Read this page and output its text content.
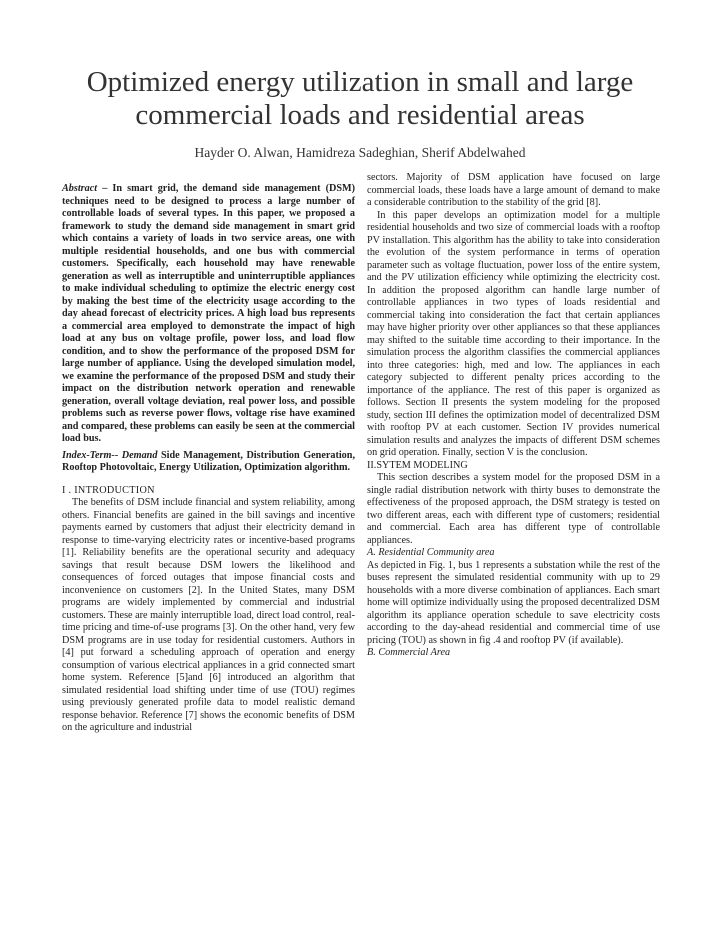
Optimized energy utilization in small and large commercial loads and residential areas

Hayder O. Alwan, Hamidreza Sadeghian, Sherif Abdelwahed

Abstract – In smart grid, the demand side management (DSM) techniques need to be designed to process a large number of controllable loads of several types. In this paper, we proposed a framework to study the demand side management in smart grid which contains a variety of loads in two service areas, one with multiple residential households, and one bus with commercial customers. Specifically, each household may have renewable generation as well as interruptible and uninterruptible appliances to make individual scheduling to optimize the electric energy cost by making the best time of the electricity usage according to the day ahead forecast of electricity prices. A high load bus represents a commercial area employed to demonstrate the impact of high load at any bus on voltage profile, power loss, and load flow condition, and to show the performance of the proposed DSM for large number of appliance. Using the developed simulation model, we examine the performance of the proposed DSM and study their impact on the distribution network operation and renewable generation, overall voltage deviation, real power loss, and possible problems such as reverse power flows, voltage rise have examined and compared, these problems can easily be seen at the commercial load bus.

Index-Term-- Demand Side Management, Distribution Generation, Rooftop Photovoltaic, Energy Utilization, Optimization algorithm.

I . INTRODUCTION

The benefits of DSM include financial and system reliability, among others. Financial benefits are gained in the bill savings and incentive payments earned by customers that adjust their electricity demand in response to time-varying electricity rates or incentive-based programs [1]. Reliability benefits are the operational security and adequacy savings that result because DSM lowers the likelihood and consequences of forced outages that impose financial costs and inconvenience on customers [2]. In the United States, many DSM programs are widely implemented by commercial and industrial customers. These are mainly interruptible load, direct load control, real-time pricing and time-of-use programs [3]. On the other hand, very few DSM programs are in use today for residential customers. Authors in [4] put forward a scheduling approach of operation and energy consumption of various electrical appliances in a grid connected smart home system. Reference [5]and [6] introduced an algorithm that simulated residential load shifting under time of use (TOU) regimes using previously generated profile data to model realistic demand response behavior. Reference [7] shows the economic benefits of DSM on the agriculture and industrial

sectors. Majority of DSM application have focused on large commercial loads, these loads have a large amount of demand to make a considerable contribution to the stability of the grid [8].

In this paper develops an optimization model for a multiple residential households and two size of commercial loads with a rooftop PV installation. This algorithm has the ability to take into consideration the evolution of the system performance in terms of operation parameter such as voltage fluctuation, power loss of the entire system, and the PV utilization efficiency while optimizing the electricity cost. In addition the proposed algorithm can handle large number of controllable appliances in two types of loads residential and commercial taking into consideration the fact that certain appliances may have higher priority over other appliances so that these appliances may shifted to the suitable time according to their importance. In the simulation process the algorithm classifies the commercial appliances into three categories: high, med and low. The appliances in each category subjected to different penalty prices according to the importance of the appliance. The rest of this paper is organized as follows. Section II presents the system modeling for the proposed study, section III defines the optimization model of decentralized DSM with rooftop PV at each customer. Section IV provides numerical simulation results and analyzes the impacts of different DSM schemes on grid operation. Finally, section V is the conclusion.

II.SYTEM MODELING

This section describes a system model for the proposed DSM in a single radial distribution network with thirty buses to demonstrate the effectiveness of the proposed approach, the DSM strategy is tested on two different areas, each with different type of customers; residential and commercial. Each area has different type of controllable appliances.

A. Residential Community area

As depicted in Fig. 1, bus 1 represents a substation while the rest of the buses represent the simulated residential community with up to 29 households with a more diverse combination of appliances. Each smart home will optimize individually using the proposed decentralized DSM algorithm its appliance operation schedule to save electricity costs according to the day-ahead residential and commercial time of use pricing (TOU) as shown in fig .4 and rooftop PV (if available).

B. Commercial Area
